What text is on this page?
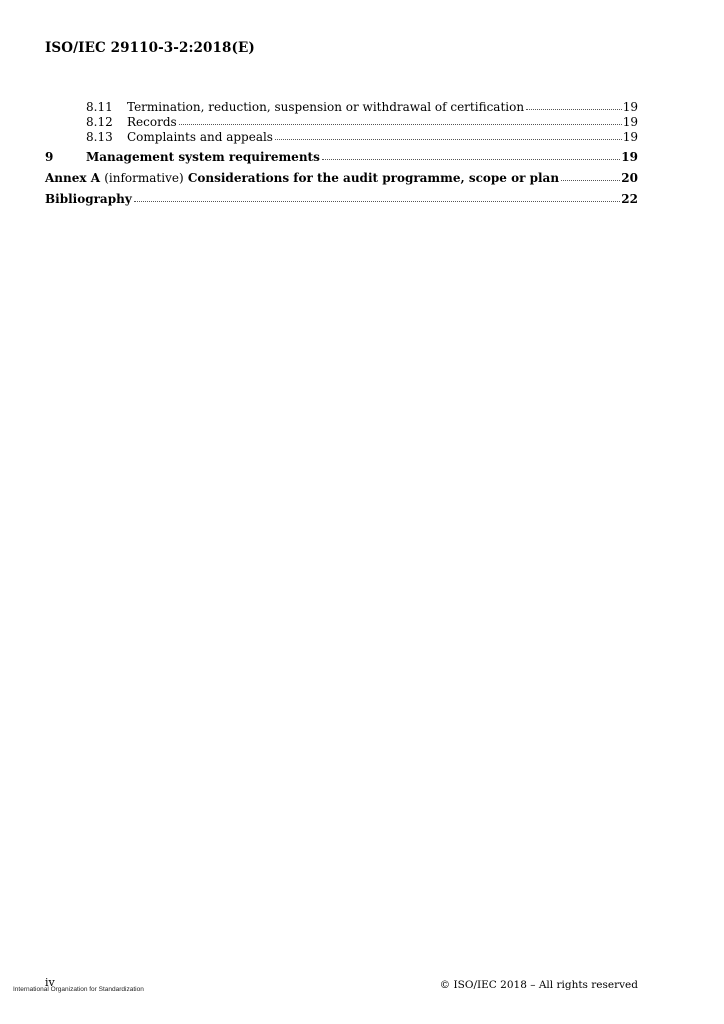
ISO/IEC 29110-3-2:2018(E)
8.11	Termination, reduction, suspension or withdrawal of certification	19
8.12	Records	19
8.13	Complaints and appeals	19
9	Management system requirements	19
Annex A (informative) Considerations for the audit programme, scope or plan	20
Bibliography	22
iv
International Organization for Standardization	© ISO/IEC 2018 – All rights reserved
